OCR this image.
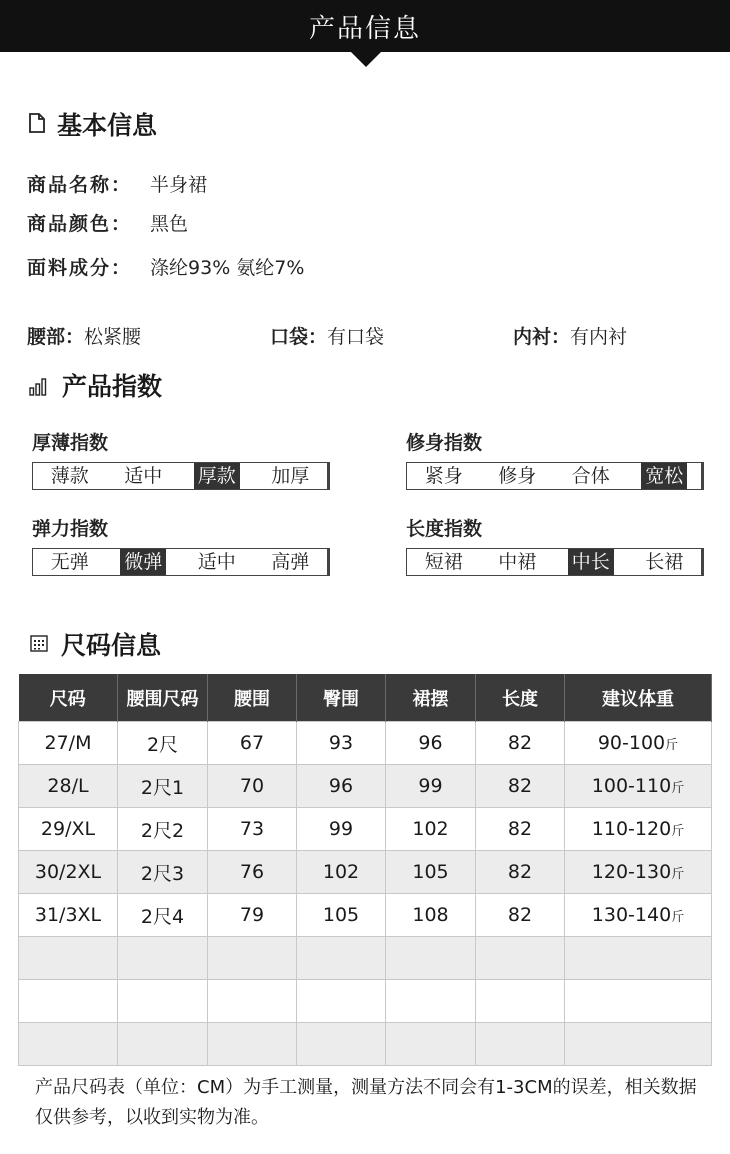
产品信息
基本信息
商品名称： 半身裙
商品颜色： 黑色
面料成分： 涤纶93% 氨纶7%
腰部：松紧腰	口袋：有口袋	内衬：有内衬
产品指数
厚薄指数
薄款 适中 厚款 加厚
修身指数
紧身 修身 合体 宽松
弹力指数
无弹 微弹 适中 高弹
长度指数
短裙 中裙 中长 长裙
尺码信息
尺码	腰围尺码	腰围	臀围	裙摆	长度	建议体重
27/M	2尺	67	93	96	82	90-100斤
28/L	2尺1	70	96	99	82	100-110斤
29/XL	2尺2	73	99	102	82	110-120斤
30/2XL	2尺3	76	102	105	82	120-130斤
31/3XL	2尺4	79	105	108	82	130-140斤

产品尺码表（单位：CM）为手工测量，测量方法不同会有1-3CM的误差，相关数据仅供参考，以收到实物为准。
